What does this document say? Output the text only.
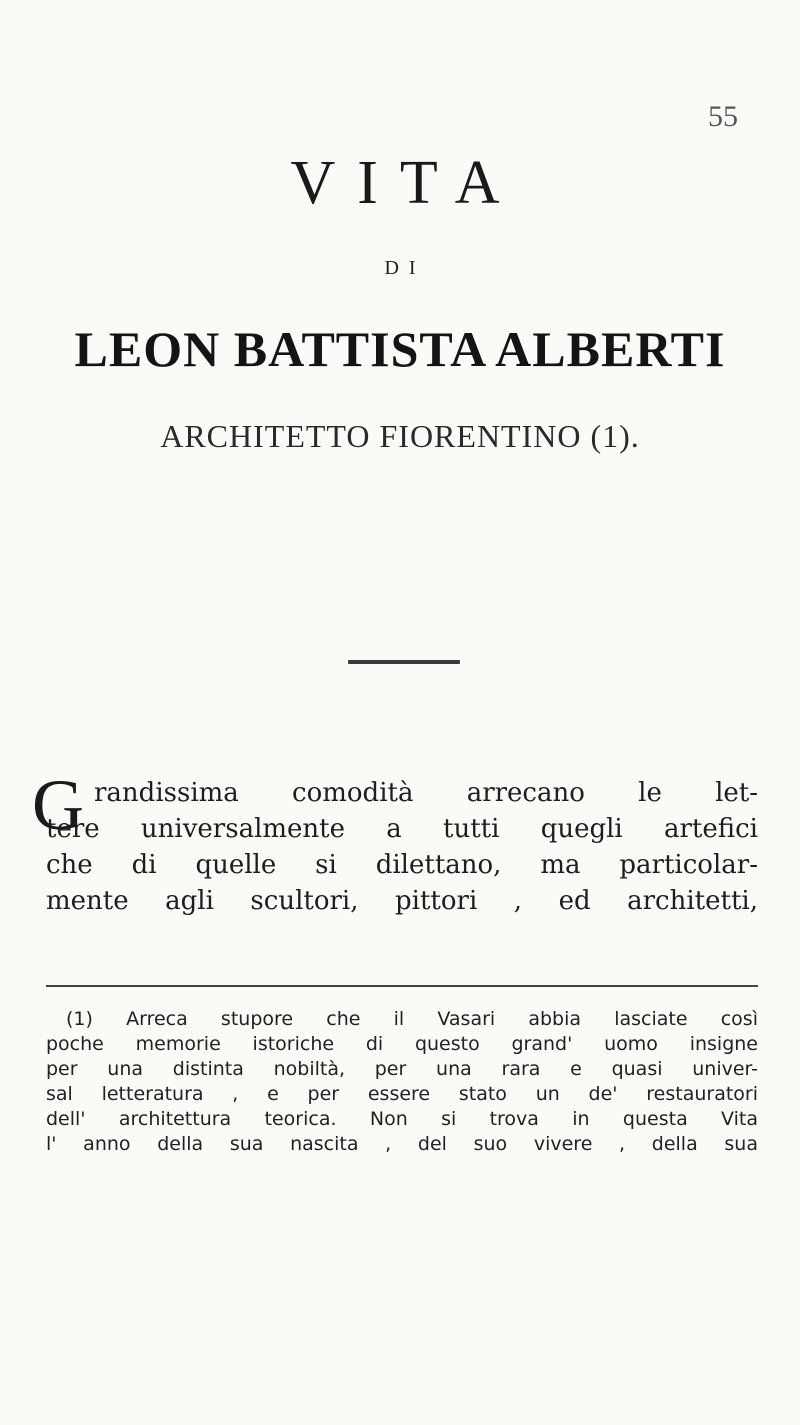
55
VITA
DI
LEON BATTISTA ALBERTI
ARCHITETTO FIORENTINO (1).
G randissima comodità arrecano le let-
tere universalmente a tutti quegli artefici
che di quelle si dilettano, ma particolar-
mente agli scultori, pittori , ed architetti,
(1) Arreca stupore che il Vasari abbia lasciate così
poche memorie istoriche di questo grand' uomo insigne
per una distinta nobiltà, per una rara e quasi univer-
sal letteratura , e per essere stato un de' restauratori
dell' architettura teorica. Non si trova in questa Vita
l' anno della sua nascita , del suo vivere , della sua
